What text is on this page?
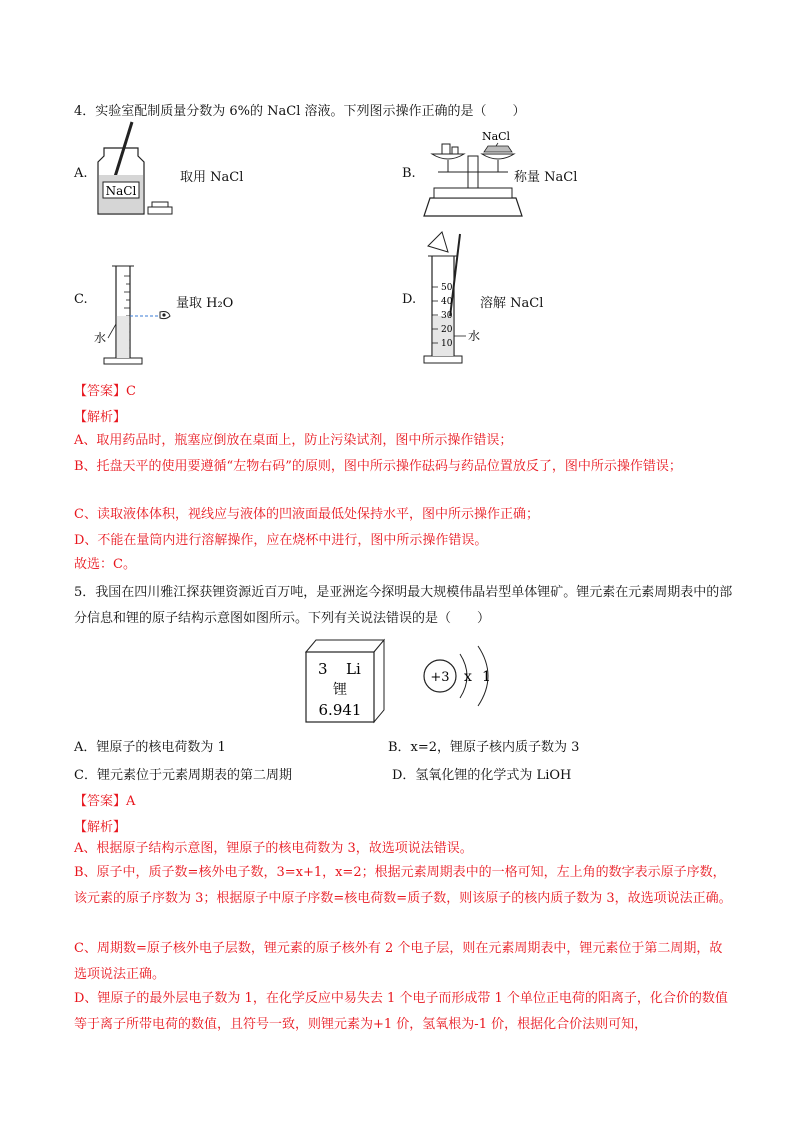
4．实验室配制质量分数为 6%的 NaCl 溶液。下列图示操作正确的是（　　）
A.
NaCl
取用 NaCl	B.
NaCl
称量 NaCl
C.
水
量取 H₂O	D.
50
40
30
20
10
水
溶解 NaCl
【答案】C
【解析】
A、取用药品时，瓶塞应倒放在桌面上，防止污染试剂，图中所示操作错误；
B、托盘天平的使用要遵循“左物右码”的原则，图中所示操作砝码与药品位置放反了，图中所示操作错误；
C、读取液体体积，视线应与液体的凹液面最低处保持水平，图中所示操作正确；
D、不能在量筒内进行溶解操作，应在烧杯中进行，图中所示操作错误。
故选：C。
5．我国在四川雅江探获锂资源近百万吨，是亚洲迄今探明最大规模伟晶岩型单体锂矿。锂元素在元素周期表中的部分信息和锂的原子结构示意图如图所示。下列有关说法错误的是（　　）
3 Li
锂
6.941
+3 x 1
A．锂原子的核电荷数为 1	B．x=2，锂原子核内质子数为 3
C．锂元素位于元素周期表的第二周期	D．氢氧化锂的化学式为 LiOH
【答案】A
【解析】
A、根据原子结构示意图，锂原子的核电荷数为 3，故选项说法错误。
B、原子中，质子数=核外电子数，3=x+1，x=2；根据元素周期表中的一格可知，左上角的数字表示原子序数，该元素的原子序数为 3；根据原子中原子序数=核电荷数=质子数，则该原子的核内质子数为 3，故选项说法正确。
C、周期数=原子核外电子层数，锂元素的原子核外有 2 个电子层，则在元素周期表中，锂元素位于第二周期，故选项说法正确。
D、锂原子的最外层电子数为 1，在化学反应中易失去 1 个电子而形成带 1 个单位正电荷的阳离子，化合价的数值等于离子所带电荷的数值，且符号一致，则锂元素为+1 价，氢氧根为-1 价，根据化合价法则可知，
